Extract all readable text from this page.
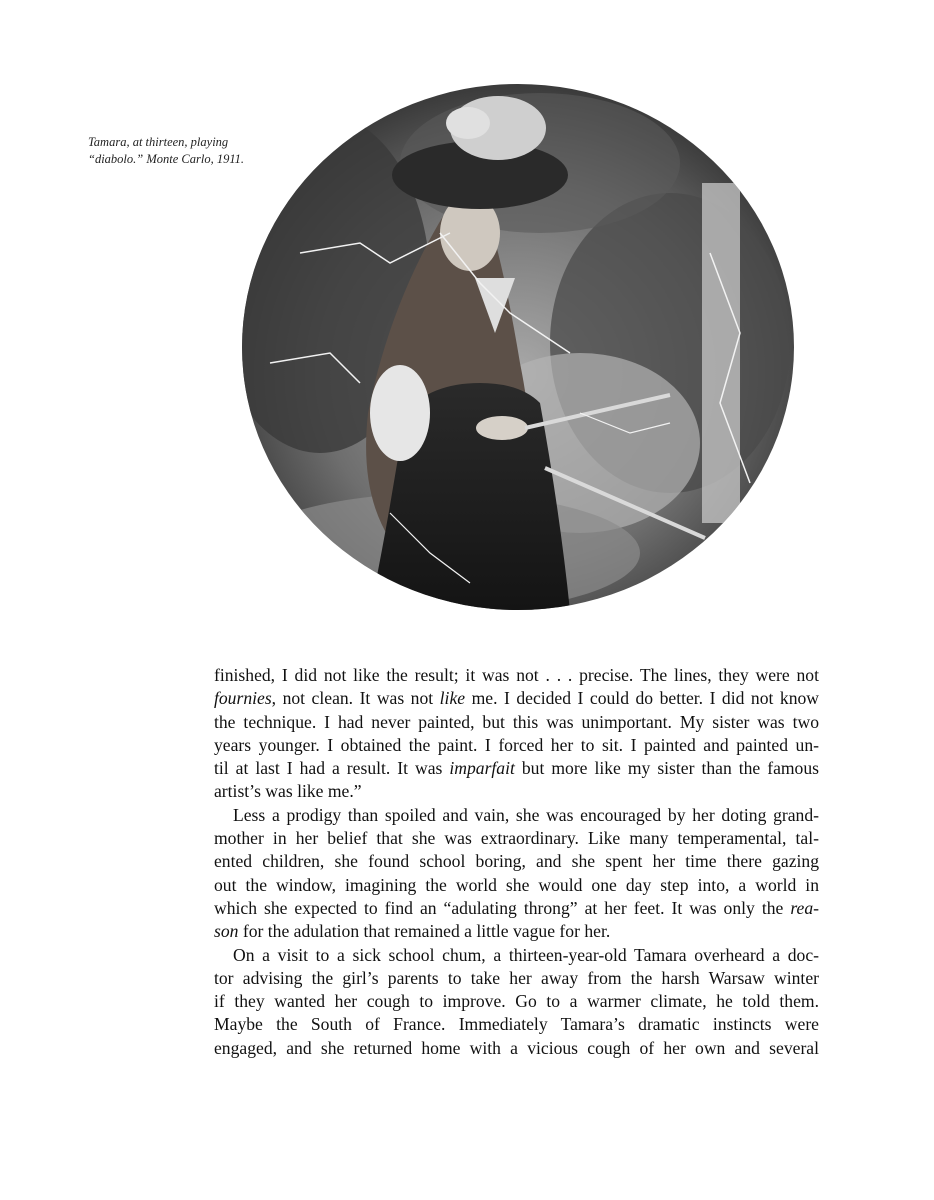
Tamara, at thirteen, playing
“diabolo.” Monte Carlo, 1911.

finished, I did not like the result; it was not . . . precise. The lines, they were not

fournies, not clean. It was not like me. I decided I could do better. I did not know

the technique. I had never painted, but this was unimportant. My sister was two

years younger. I obtained the paint. I forced her to sit. I painted and painted un-

til at last I had a result. It was imparfait but more like my sister than the famous

artist’s was like me.”

Less a prodigy than spoiled and vain, she was encouraged by her doting grand-

mother in her belief that she was extraordinary. Like many temperamental, tal-

ented children, she found school boring, and she spent her time there gazing

out the window, imagining the world she would one day step into, a world in

which she expected to find an “adulating throng” at her feet. It was only the rea-

son for the adulation that remained a little vague for her.

On a visit to a sick school chum, a thirteen-year-old Tamara overheard a doc-

tor advising the girl’s parents to take her away from the harsh Warsaw winter

if they wanted her cough to improve. Go to a warmer climate, he told them.

Maybe the South of France. Immediately Tamara’s dramatic instincts were

engaged, and she returned home with a vicious cough of her own and several
